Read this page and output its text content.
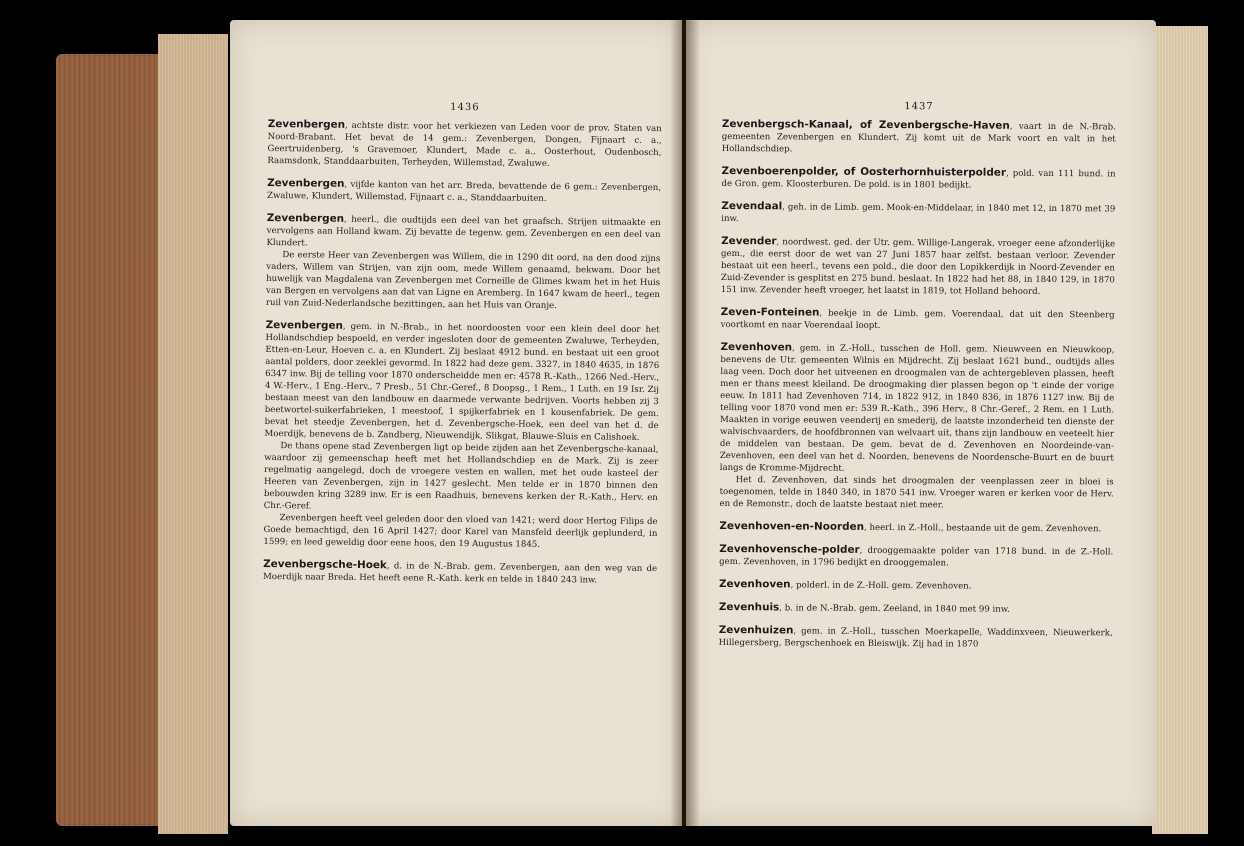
1436

Zevenbergen, achtste distr. voor het verkiezen van Leden voor de prov. Staten van Noord-Brabant. Het bevat de 14 gem.: Zevenbergen, Dongen, Fijnaart c. a., Geertruidenberg, 's Gravemoer, Klundert, Made c. a., Oosterhout, Oudenbosch, Raamsdonk, Standdaarbuiten, Terheyden, Willemstad, Zwaluwe.

Zevenbergen, vijfde kanton van het arr. Breda, bevattende de 6 gem.: Zevenbergen, Zwaluwe, Klundert, Willemstad, Fijnaart c. a., Standdaarbuiten.

Zevenbergen, heerl., die oudtijds een deel van het graafsch. Strijen uitmaakte en vervolgens aan Holland kwam. Zij bevatte de tegenw. gem. Zevenbergen en een deel van Klundert.

De eerste Heer van Zevenbergen was Willem, die in 1290 dit oord, na den dood zijns vaders, Willem van Strijen, van zijn oom, mede Willem genaamd, bekwam. Door het huwelijk van Magdalena van Zevenbergen met Corneille de Glimes kwam het in het Huis van Bergen en vervolgens aan dat van Ligne en Aremberg. In 1647 kwam de heerl., tegen ruil van Zuid-Nederlandsche bezittingen, aan het Huis van Oranje.

Zevenbergen, gem. in N.-Brab., in het noordoosten voor een klein deel door het Hollandschdiep bespoeld, en verder ingesloten door de gemeenten Zwaluwe, Terheyden, Etten-en-Leur, Hoeven c. a. en Klundert. Zij beslaat 4912 bund. en bestaat uit een groot aantal polders, door zeeklei gevormd. In 1822 had deze gem. 3327, in 1840 4635, in 1876 6347 inw. Bij de telling voor 1870 onderscheidde men er: 4578 R.-Kath., 1266 Ned.-Herv., 4 W.-Herv., 1 Eng.-Herv., 7 Presb., 51 Chr.-Geref., 8 Doopsg., 1 Rem., 1 Luth. en 19 Isr. Zij bestaan meest van den landbouw en daarmede verwante bedrijven. Voorts hebben zij 3 beetwortel-suikerfabrieken, 1 meestoof, 1 spijkerfabriek en 1 kousenfabriek. De gem. bevat het steedje Zevenbergen, het d. Zevenbergsche-Hoek, een deel van het d. de Moerdijk, benevens de b. Zandberg, Nieuwendijk, Slikgat, Blauwe-Sluis en Calishoek.

De thans opene stad Zevenbergen ligt op beide zijden aan het Zevenbergsche-kanaal, waardoor zij gemeenschap heeft met het Hollandschdiep en de Mark. Zij is zeer regelmatig aangelegd, doch de vroegere vesten en wallen, met het oude kasteel der Heeren van Zevenbergen, zijn in 1427 geslecht. Men telde er in 1870 binnen den bebouwden kring 3289 inw. Er is een Raadhuis, benevens kerken der R.-Kath., Herv. en Chr.-Geref.

Zevenbergen heeft veel geleden door den vloed van 1421; werd door Hertog Filips de Goede bemachtigd, den 16 April 1427; door Karel van Mansfeld deerlijk geplunderd, in 1599; en leed geweldig door eene hoos, den 19 Augustus 1845.

Zevenbergsche-Hoek, d. in de N.-Brab. gem. Zevenbergen, aan den weg van de Moerdijk naar Breda. Het heeft eene R.-Kath. kerk en telde in 1840 243 inw.

1437

Zevenbergsch-Kanaal, of Zevenbergsche-Haven, vaart in de N.-Brab. gemeenten Zevenbergen en Klundert. Zij komt uit de Mark voort en valt in het Hollandschdiep.

Zevenboerenpolder, of Oosterhornhuisterpolder, pold. van 111 bund. in de Gron. gem. Kloosterburen. De pold. is in 1801 bedijkt.

Zevendaal, geh. in de Limb. gem. Mook-en-Middelaar, in 1840 met 12, in 1870 met 39 inw.

Zevender, noordwest. ged. der Utr. gem. Willige-Langerak, vroeger eene afzonderlijke gem., die eerst door de wet van 27 Juni 1857 haar zelfst. bestaan verloor. Zevender bestaat uit een heerl., tevens een pold., die door den Lopikkerdijk in Noord-Zevender en Zuid-Zevender is gesplitst en 275 bund. beslaat. In 1822 had het 88, in 1840 129, in 1870 151 inw. Zevender heeft vroeger, het laatst in 1819, tot Holland behoord.

Zeven-Fonteinen, beekje in de Limb. gem. Voerendaal, dat uit den Steenberg voortkomt en naar Voerendaal loopt.

Zevenhoven, gem. in Z.-Holl., tusschen de Holl. gem. Nieuwveen en Nieuwkoop, benevens de Utr. gemeenten Wilnis en Mijdrecht. Zij beslaat 1621 bund., oudtijds alles laag veen. Doch door het uitveenen en droogmalen van de achtergebleven plassen, heeft men er thans meest kleiland. De droogmaking dier plassen begon op 't einde der vorige eeuw. In 1811 had Zevenhoven 714, in 1822 912, in 1840 836, in 1876 1127 inw. Bij de telling voor 1870 vond men er: 539 R.-Kath., 396 Herv., 8 Chr.-Geref., 2 Rem. en 1 Luth. Maakten in vorige eeuwen veenderij en smederij, de laatste inzonderheid ten dienste der walvischvaarders, de hoofdbronnen van welvaart uit, thans zijn landbouw en veeteelt hier de middelen van bestaan. De gem. bevat de d. Zevenhoven en Noordeinde-van-Zevenhoven, een deel van het d. Noorden, benevens de Noordensche-Buurt en de buurt langs de Kromme-Mijdrecht.

Het d. Zevenhoven, dat sinds het droogmalen der veenplassen zeer in bloei is toegenomen, telde in 1840 340, in 1870 541 inw. Vroeger waren er kerken voor de Herv. en de Remonstr., doch de laatste bestaat niet meer.

Zevenhoven-en-Noorden, heerl. in Z.-Holl., bestaande uit de gem. Zevenhoven.

Zevenhovensche-polder, drooggemaakte polder van 1718 bund. in de Z.-Holl. gem. Zevenhoven, in 1796 bedijkt en drooggemalen.

Zevenhoven, polderl. in de Z.-Holl. gem. Zevenhoven.

Zevenhuis, b. in de N.-Brab. gem. Zeeland, in 1840 met 99 inw.

Zevenhuizen, gem. in Z.-Holl., tusschen Moerkapelle, Waddinxveen, Nieuwerkerk, Hillegersberg, Bergschenhoek en Bleiswijk. Zij had in 1870
